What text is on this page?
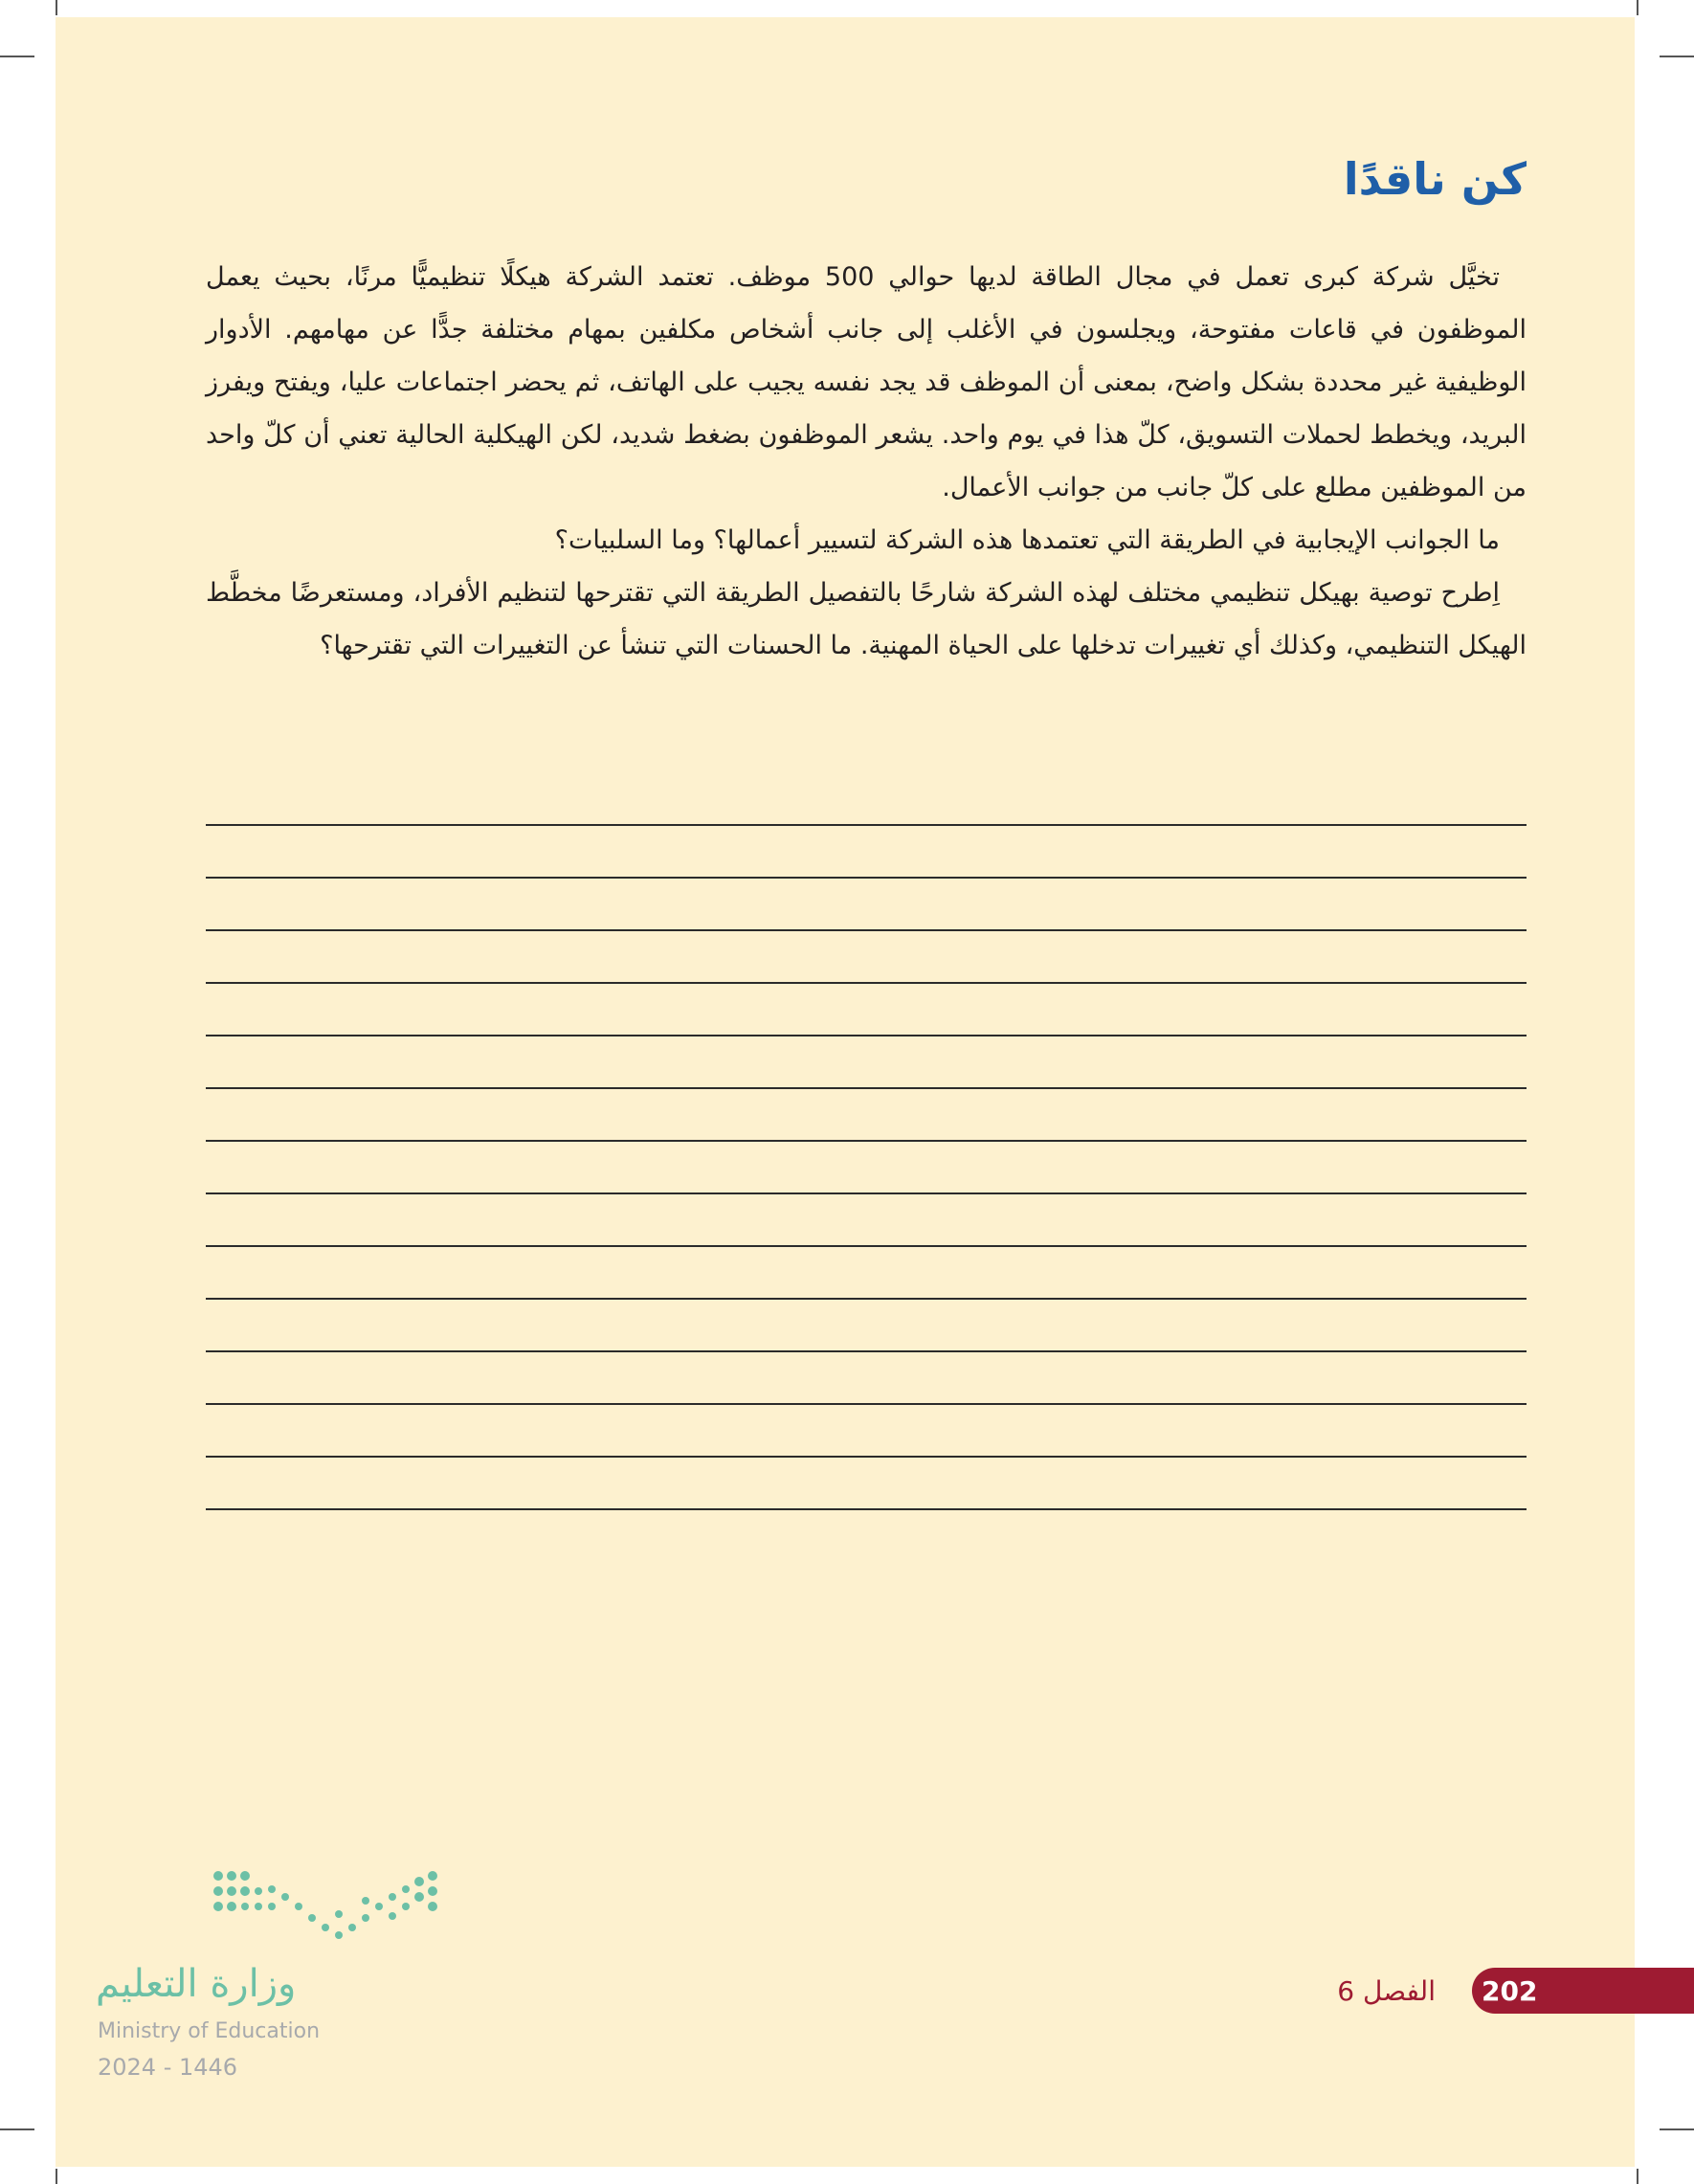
كن ناقدًا

تخيَّل شركة كبرى تعمل في مجال الطاقة لديها حوالي 500 موظف. تعتمد الشركة هيكلًا تنظيميًّا مرنًا، بحيث يعمل الموظفون في قاعات مفتوحة، ويجلسون في الأغلب إلى جانب أشخاص مكلفين بمهام مختلفة جدًّا عن مهامهم. الأدوار الوظيفية غير محددة بشكل واضح، بمعنى أن الموظف قد يجد نفسه يجيب على الهاتف، ثم يحضر اجتماعات عليا، ويفتح ويفرز البريد، ويخطط لحملات التسويق، كلّ هذا في يوم واحد. يشعر الموظفون بضغط شديد، لكن الهيكلية الحالية تعني أن كلّ واحد من الموظفين مطلع على كلّ جانب من جوانب الأعمال.

ما الجوانب الإيجابية في الطريقة التي تعتمدها هذه الشركة لتسيير أعمالها؟ وما السلبيات؟

اِطرح توصية بهيكل تنظيمي مختلف لهذه الشركة شارحًا بالتفصيل الطريقة التي تقترحها لتنظيم الأفراد، ومستعرضًا مخطَّط الهيكل التنظيمي، وكذلك أي تغييرات تدخلها على الحياة المهنية. ما الحسنات التي تنشأ عن التغييرات التي تقترحها؟

وزارة التعليم
Ministry of Education
2024 - 1446
202
الفصل 6
